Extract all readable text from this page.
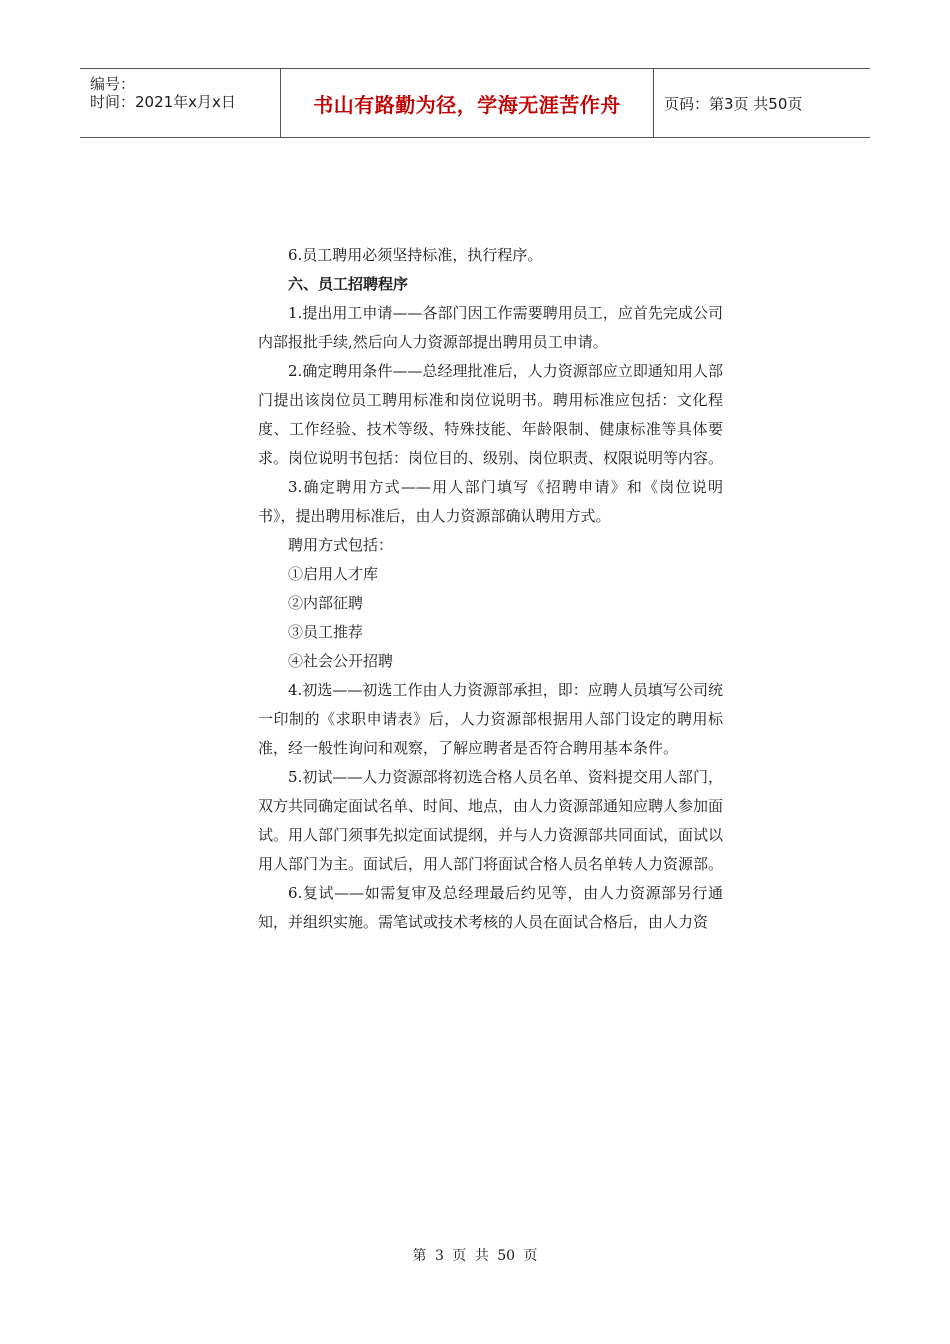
编号：
时间：2021年x月x日	书山有路勤为径，学海无涯苦作舟	页码：第3页 共50页

6.员工聘用必须坚持标准，执行程序。

六、员工招聘程序

1.提出用工申请——各部门因工作需要聘用员工，应首先完成公司内部报批手续,然后向人力资源部提出聘用员工申请。

2.确定聘用条件——总经理批准后，人力资源部应立即通知用人部门提出该岗位员工聘用标准和岗位说明书。聘用标准应包括：文化程度、工作经验、技术等级、特殊技能、年龄限制、健康标准等具体要求。岗位说明书包括：岗位目的、级别、岗位职责、权限说明等内容。

3.确定聘用方式——用人部门填写《招聘申请》和《岗位说明书》，提出聘用标准后，由人力资源部确认聘用方式。

聘用方式包括：

①启用人才库

②内部征聘

③员工推荐

④社会公开招聘

4.初选——初选工作由人力资源部承担，即：应聘人员填写公司统一印制的《求职申请表》后，人力资源部根据用人部门设定的聘用标准，经一般性询问和观察，了解应聘者是否符合聘用基本条件。

5.初试——人力资源部将初选合格人员名单、资料提交用人部门，双方共同确定面试名单、时间、地点，由人力资源部通知应聘人参加面试。用人部门须事先拟定面试提纲，并与人力资源部共同面试，面试以用人部门为主。面试后，用人部门将面试合格人员名单转人力资源部。

6.复试——如需复审及总经理最后约见等，由人力资源部另行通知，并组织实施。需笔试或技术考核的人员在面试合格后，由人力资

第 3 页 共 50 页
